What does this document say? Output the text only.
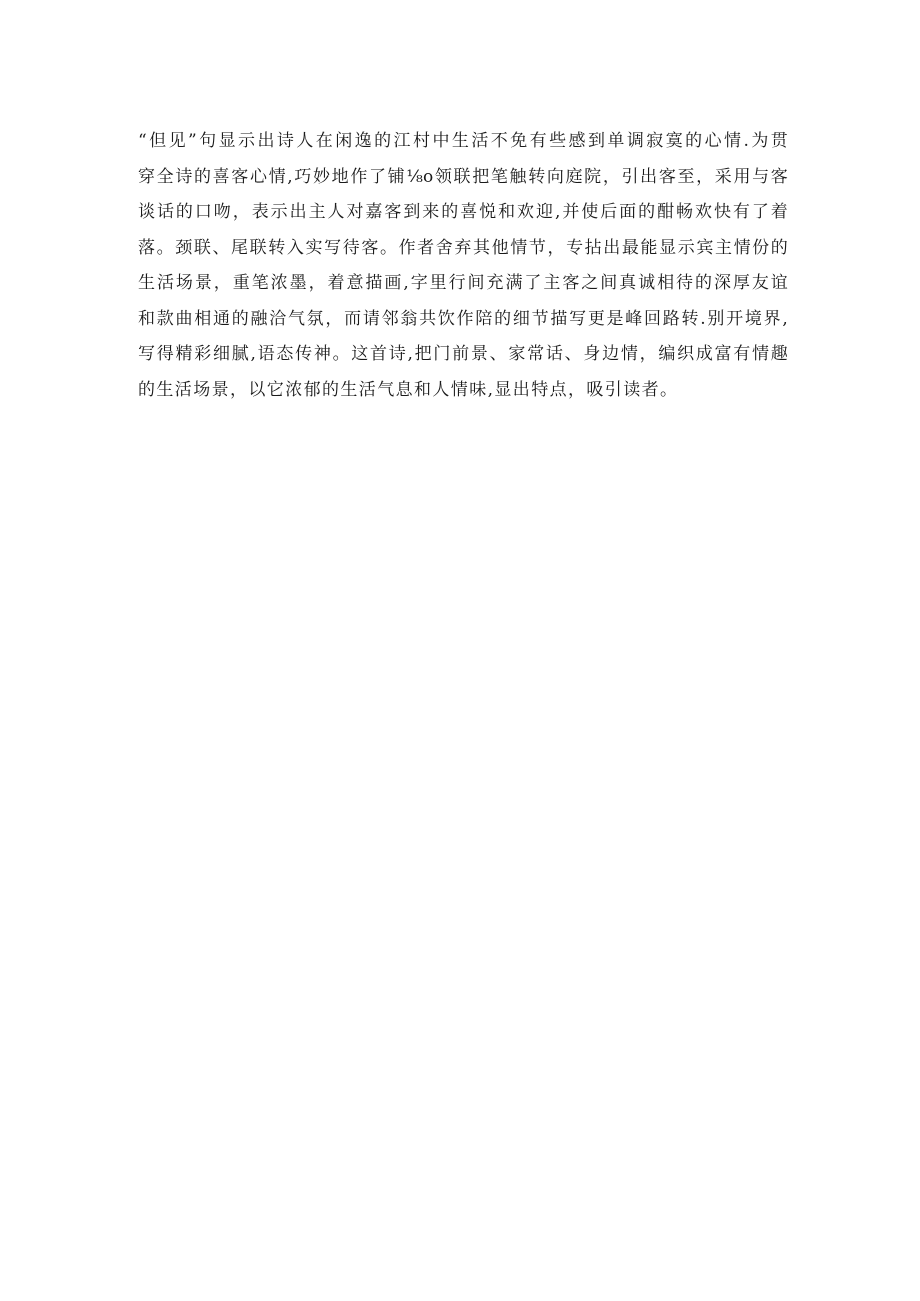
“但见”句显示出诗人在闲逸的江村中生活不免有些感到单调寂寞的心情.为贯
穿全诗的喜客心情,巧妙地作了铺⅛o领联把笔触转向庭院，引出客至，采用与客
谈话的口吻，表示出主人对嘉客到来的喜悦和欢迎,并使后面的酣畅欢快有了着
落。颈联、尾联转入实写待客。作者舍弃其他情节，专拈出最能显示宾主情份的
生活场景，重笔浓墨，着意描画,字里行间充满了主客之间真诚相待的深厚友谊
和款曲相通的融洽气氛，而请邻翁共饮作陪的细节描写更是峰回路转.别开境界,
写得精彩细腻,语态传神。这首诗,把门前景、家常话、身边情，编织成富有情趣
的生活场景，以它浓郁的生活气息和人情味,显出特点，吸引读者。
